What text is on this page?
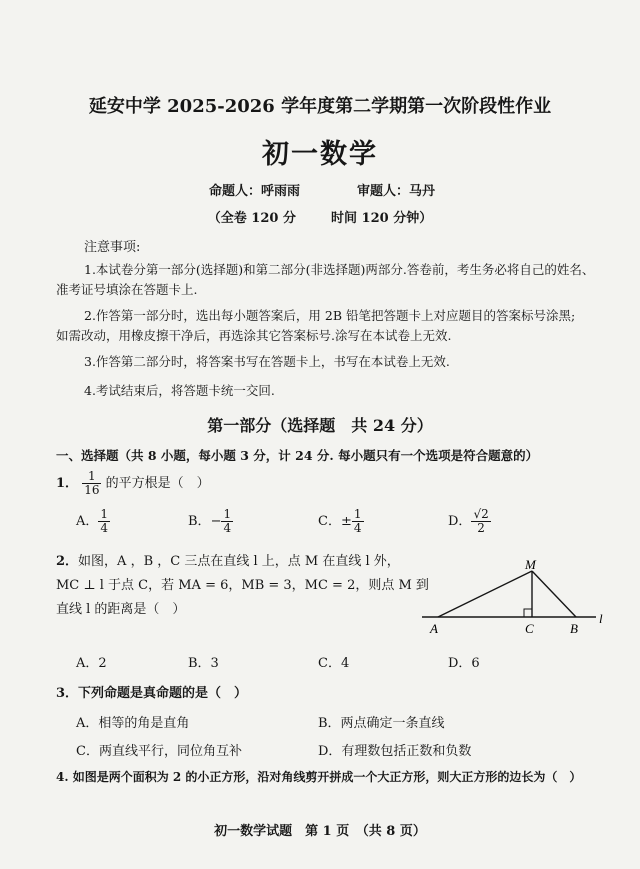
延安中学 2025-2026 学年度第二学期第一次阶段性作业
初一数学
命题人：呼雨雨	审题人：马丹
（全卷 120 分	时间 120 分钟）
注意事项:
1.本试卷分第一部分(选择题)和第二部分(非选择题)两部分.答卷前，考生务必将自己的姓名、
准考证号填涂在答题卡上.
2.作答第一部分时，选出每小题答案后，用 2B 铅笔把答题卡上对应题目的答案标号涂黑;
如需改动，用橡皮擦干净后，再选涂其它答案标号.涂写在本试卷上无效.
3.作答第二部分时，将答案书写在答题卡上，书写在本试卷上无效.
4.考试结束后，将答题卡统一交回.
第一部分（选择题　共 24 分）
一、选择题（共 8 小题，每小题 3 分，计 24 分. 每小题只有一个选项是符合题意的）
1． $\frac{1}{16}$ 的平方根是（　）
A． $\frac{1}{4}$	B．− $\frac{1}{4}$	C．± $\frac{1}{4}$	D． $\frac{√2}{2}$
2．如图，A ，B ，C 三点在直线 l 上，点 M 在直线 l 外，
MC ⊥ l 于点 C，若 MA = 6，MB = 3，MC = 2，则点 M 到
直线 l 的距离是（　）
M
A	C	B
l
A．2	B．3	C．4	D．6
3．下列命题是真命题的是（　）
A．相等的角是直角	B．两点确定一条直线
C．两直线平行，同位角互补	D．有理数包括正数和负数
4. 如图是两个面积为 2 的小正方形，沿对角线剪开拼成一个大正方形，则大正方形的边长为（　）
初一数学试题　第 1 页　（共 8 页）
